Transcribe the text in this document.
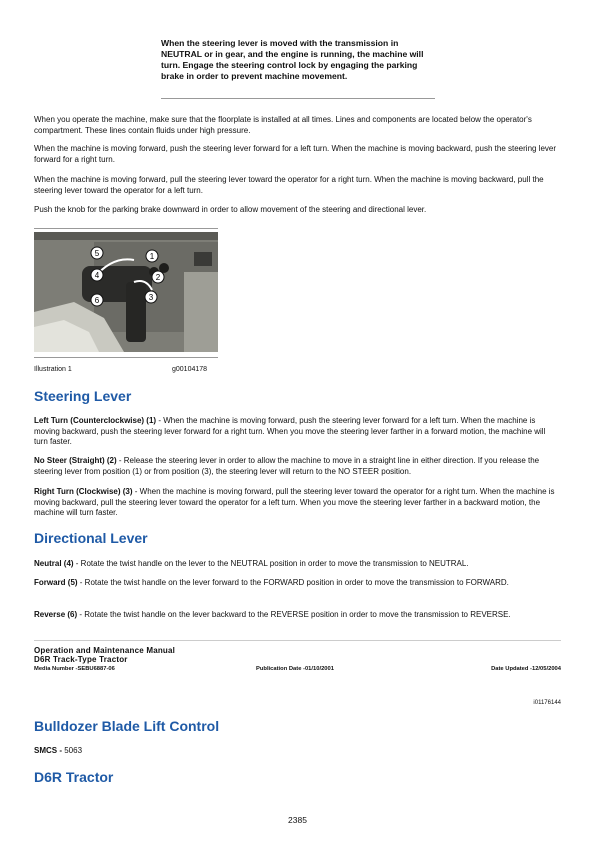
When the steering lever is moved with the transmission in NEUTRAL or in gear, and the engine is running, the machine will turn. Engage the steering control lock by engaging the parking brake in order to prevent machine movement.
When you operate the machine, make sure that the floorplate is installed at all times. Lines and components are located below the operator's compartment. These lines contain fluids under high pressure.
When the machine is moving forward, push the steering lever forward for a left turn. When the machine is moving backward, push the steering lever forward for a right turn.
When the machine is moving forward, pull the steering lever toward the operator for a right turn. When the machine is moving backward, pull the steering lever toward the operator for a left turn.
Push the knob for the parking brake downward in order to allow movement of the steering and directional lever.
5	1
4	2
6	3
Illustration 1	g00104178
Steering Lever
Left Turn (Counterclockwise) (1) - When the machine is moving forward, push the steering lever forward for a left turn. When the machine is moving backward, push the steering lever forward for a right turn. When you move the steering lever farther in a forward motion, the machine will turn faster.
No Steer (Straight) (2) - Release the steering lever in order to allow the machine to move in a straight line in either direction. If you release the steering lever from position (1) or from position (3), the steering lever will return to the NO STEER position.
Right Turn (Clockwise) (3) - When the machine is moving forward, pull the steering lever toward the operator for a right turn. When the machine is moving backward, pull the steering lever toward the operator for a left turn. When you move the steering lever farther in a backward motion, the machine will turn faster.
Directional Lever
Neutral (4) - Rotate the twist handle on the lever to the NEUTRAL position in order to move the transmission to NEUTRAL.
Forward (5) - Rotate the twist handle on the lever forward to the FORWARD position in order to move the transmission to FORWARD.
Reverse (6) - Rotate the twist handle on the lever backward to the REVERSE position in order to move the transmission to REVERSE.
Operation and Maintenance Manual
D6R Track-Type Tractor
Media Number -SEBU6887-06	Publication Date -01/10/2001	Date Updated -12/05/2004
i01176144
Bulldozer Blade Lift Control
SMCS - 5063
D6R Tractor
2385
